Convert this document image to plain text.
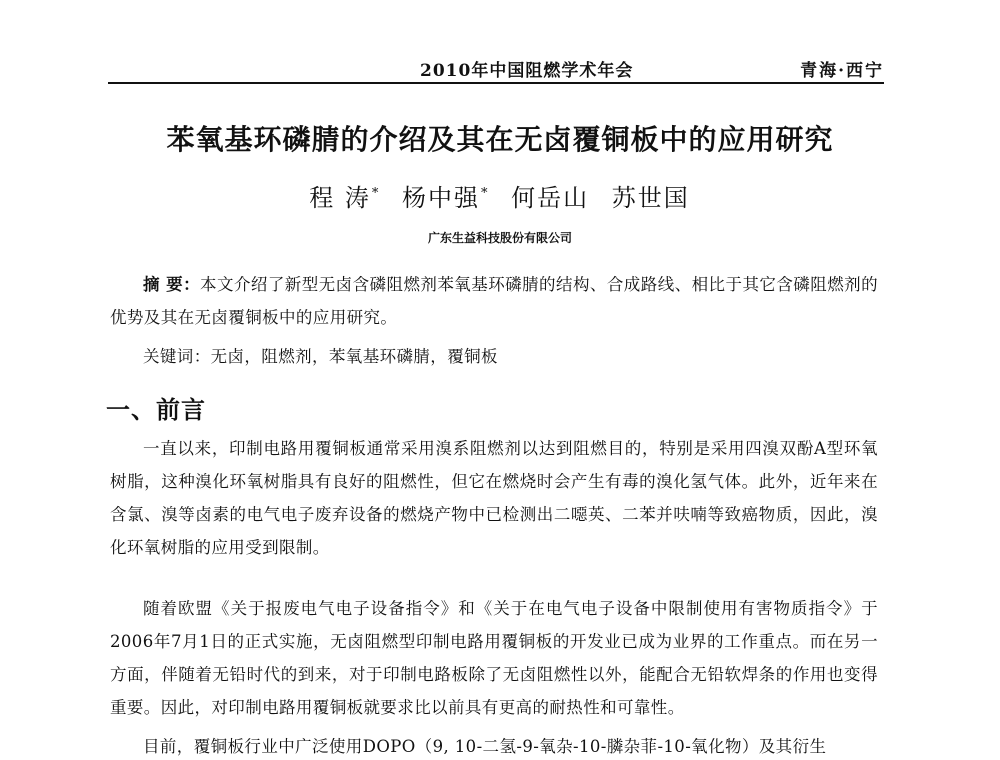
2010年中国阻燃学术年会	青海·西宁
苯氧基环磷腈的介绍及其在无卤覆铜板中的应用研究
程 涛* 杨中强* 何岳山 苏世国
广东生益科技股份有限公司
摘 要：本文介绍了新型无卤含磷阻燃剂苯氧基环磷腈的结构、合成路线、相比于其它含磷阻燃剂的优势及其在无卤覆铜板中的应用研究。
关键词：无卤，阻燃剂，苯氧基环磷腈，覆铜板
一、前言

一直以来，印制电路用覆铜板通常采用溴系阻燃剂以达到阻燃目的，特别是采用四溴双酚A型环氧树脂，这种溴化环氧树脂具有良好的阻燃性，但它在燃烧时会产生有毒的溴化氢气体。此外，近年来在含氯、溴等卤素的电气电子废弃设备的燃烧产物中已检测出二噁英、二苯并呋喃等致癌物质，因此，溴化环氧树脂的应用受到限制。

随着欧盟《关于报废电气电子设备指令》和《关于在电气电子设备中限制使用有害物质指令》于2006年7月1日的正式实施，无卤阻燃型印制电路用覆铜板的开发业已成为业界的工作重点。而在另一方面，伴随着无铅时代的到来，对于印制电路板除了无卤阻燃性以外，能配合无铅软焊条的作用也变得重要。因此，对印制电路用覆铜板就要求比以前具有更高的耐热性和可靠性。

目前，覆铜板行业中广泛使用DOPO（9, 10-二氢-9-氧杂-10-膦杂菲-10-氧化物）及其衍生
